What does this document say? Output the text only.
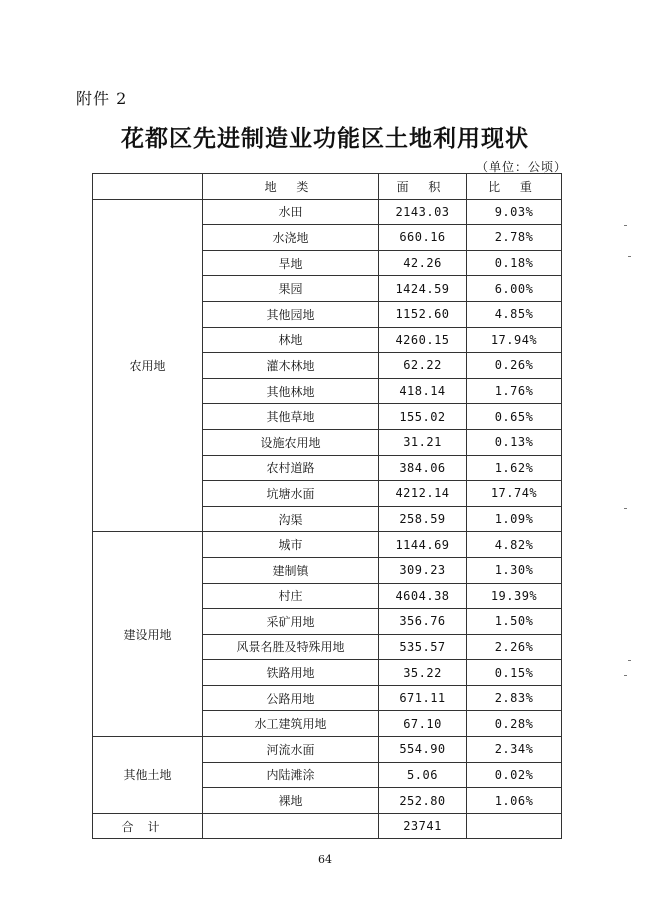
附件 2
花都区先进制造业功能区土地利用现状
（单位：公顷）
	地 类	面 积	比 重
农用地	水田	2143.03	9.03%
	水浇地	660.16	2.78%
	旱地	42.26	0.18%
	果园	1424.59	6.00%
	其他园地	1152.60	4.85%
	林地	4260.15	17.94%
	灌木林地	62.22	0.26%
	其他林地	418.14	1.76%
	其他草地	155.02	0.65%
	设施农用地	31.21	0.13%
	农村道路	384.06	1.62%
	坑塘水面	4212.14	17.74%
	沟渠	258.59	1.09%
建设用地	城市	1144.69	4.82%
	建制镇	309.23	1.30%
	村庄	4604.38	19.39%
	采矿用地	356.76	1.50%
	风景名胜及特殊用地	535.57	2.26%
	铁路用地	35.22	0.15%
	公路用地	671.11	2.83%
	水工建筑用地	67.10	0.28%
其他土地	河流水面	554.90	2.34%
	内陆滩涂	5.06	0.02%
	裸地	252.80	1.06%
合计		23741	
64
